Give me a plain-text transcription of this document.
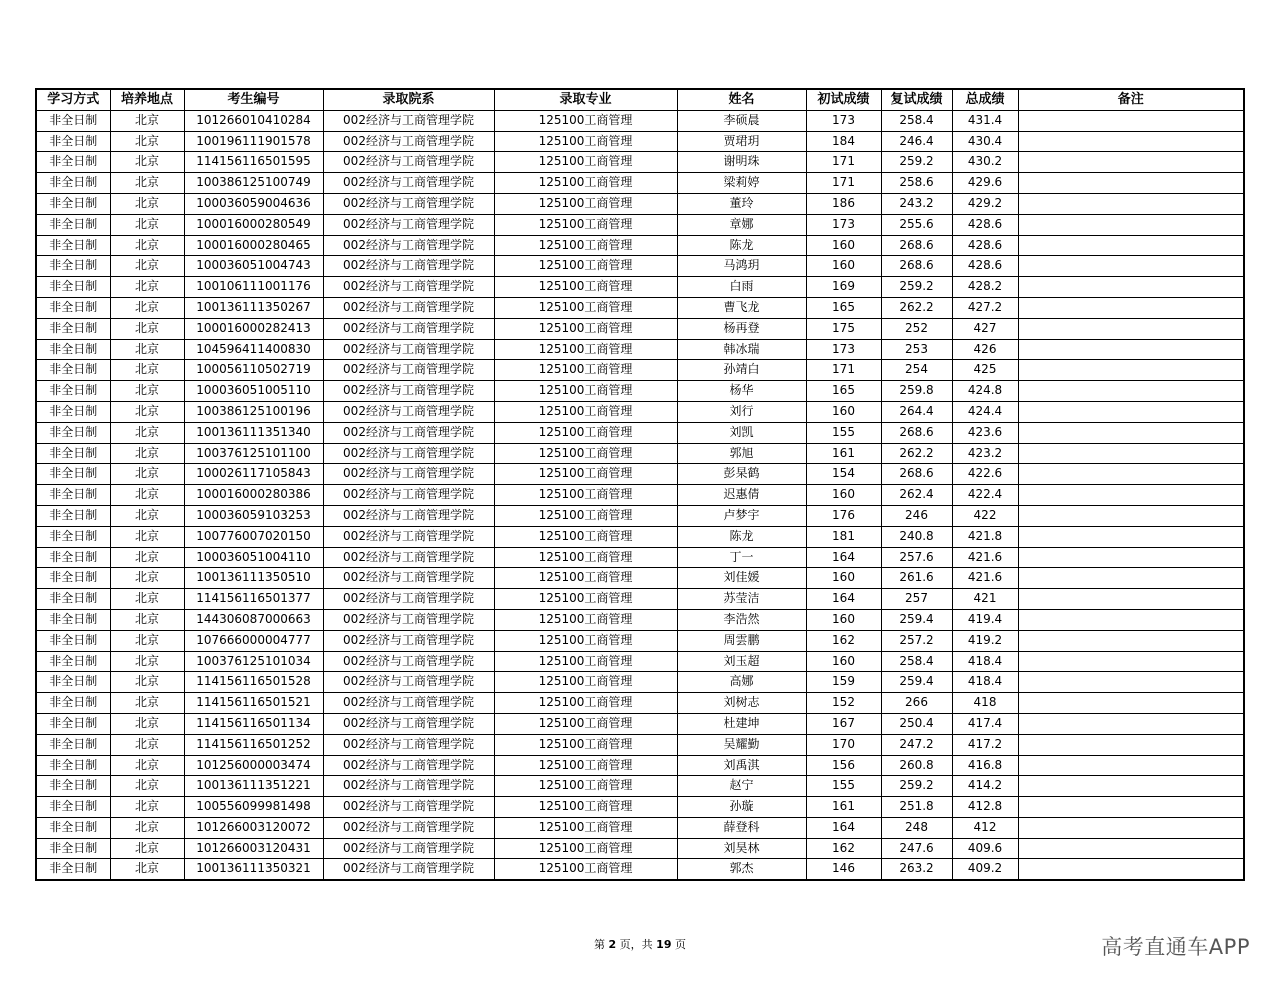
学习方式	培养地点	考生编号	录取院系	录取专业	姓名	初试成绩	复试成绩	总成绩	备注
非全日制	北京	101266010410284	002经济与工商管理学院	125100工商管理	李硕晨	173	258.4	431.4	
非全日制	北京	100196111901578	002经济与工商管理学院	125100工商管理	贾珺玥	184	246.4	430.4	
非全日制	北京	114156116501595	002经济与工商管理学院	125100工商管理	谢明珠	171	259.2	430.2	
非全日制	北京	100386125100749	002经济与工商管理学院	125100工商管理	梁莉婷	171	258.6	429.6	
非全日制	北京	100036059004636	002经济与工商管理学院	125100工商管理	董玲	186	243.2	429.2	
非全日制	北京	100016000280549	002经济与工商管理学院	125100工商管理	章娜	173	255.6	428.6	
非全日制	北京	100016000280465	002经济与工商管理学院	125100工商管理	陈龙	160	268.6	428.6	
非全日制	北京	100036051004743	002经济与工商管理学院	125100工商管理	马鸿玥	160	268.6	428.6	
非全日制	北京	100106111001176	002经济与工商管理学院	125100工商管理	白雨	169	259.2	428.2	
非全日制	北京	100136111350267	002经济与工商管理学院	125100工商管理	曹飞龙	165	262.2	427.2	
非全日制	北京	100016000282413	002经济与工商管理学院	125100工商管理	杨再登	175	252	427	
非全日制	北京	104596411400830	002经济与工商管理学院	125100工商管理	韩冰瑞	173	253	426	
非全日制	北京	100056110502719	002经济与工商管理学院	125100工商管理	孙靖白	171	254	425	
非全日制	北京	100036051005110	002经济与工商管理学院	125100工商管理	杨华	165	259.8	424.8	
非全日制	北京	100386125100196	002经济与工商管理学院	125100工商管理	刘行	160	264.4	424.4	
非全日制	北京	100136111351340	002经济与工商管理学院	125100工商管理	刘凯	155	268.6	423.6	
非全日制	北京	100376125101100	002经济与工商管理学院	125100工商管理	郭旭	161	262.2	423.2	
非全日制	北京	100026117105843	002经济与工商管理学院	125100工商管理	彭杲鹤	154	268.6	422.6	
非全日制	北京	100016000280386	002经济与工商管理学院	125100工商管理	迟惠倩	160	262.4	422.4	
非全日制	北京	100036059103253	002经济与工商管理学院	125100工商管理	卢梦宇	176	246	422	
非全日制	北京	100776007020150	002经济与工商管理学院	125100工商管理	陈龙	181	240.8	421.8	
非全日制	北京	100036051004110	002经济与工商管理学院	125100工商管理	丁一	164	257.6	421.6	
非全日制	北京	100136111350510	002经济与工商管理学院	125100工商管理	刘佳媛	160	261.6	421.6	
非全日制	北京	114156116501377	002经济与工商管理学院	125100工商管理	苏莹洁	164	257	421	
非全日制	北京	144306087000663	002经济与工商管理学院	125100工商管理	李浩然	160	259.4	419.4	
非全日制	北京	107666000004777	002经济与工商管理学院	125100工商管理	周雲鹏	162	257.2	419.2	
非全日制	北京	100376125101034	002经济与工商管理学院	125100工商管理	刘玉超	160	258.4	418.4	
非全日制	北京	114156116501528	002经济与工商管理学院	125100工商管理	高娜	159	259.4	418.4	
非全日制	北京	114156116501521	002经济与工商管理学院	125100工商管理	刘树志	152	266	418	
非全日制	北京	114156116501134	002经济与工商管理学院	125100工商管理	杜建坤	167	250.4	417.4	
非全日制	北京	114156116501252	002经济与工商管理学院	125100工商管理	吴耀勤	170	247.2	417.2	
非全日制	北京	101256000003474	002经济与工商管理学院	125100工商管理	刘禹淇	156	260.8	416.8	
非全日制	北京	100136111351221	002经济与工商管理学院	125100工商管理	赵宁	155	259.2	414.2	
非全日制	北京	100556099981498	002经济与工商管理学院	125100工商管理	孙璇	161	251.8	412.8	
非全日制	北京	101266003120072	002经济与工商管理学院	125100工商管理	薛登科	164	248	412	
非全日制	北京	101266003120431	002经济与工商管理学院	125100工商管理	刘昊林	162	247.6	409.6	
非全日制	北京	100136111350321	002经济与工商管理学院	125100工商管理	郭杰	146	263.2	409.2	
第 2 页，共 19 页	高考直通车APP
